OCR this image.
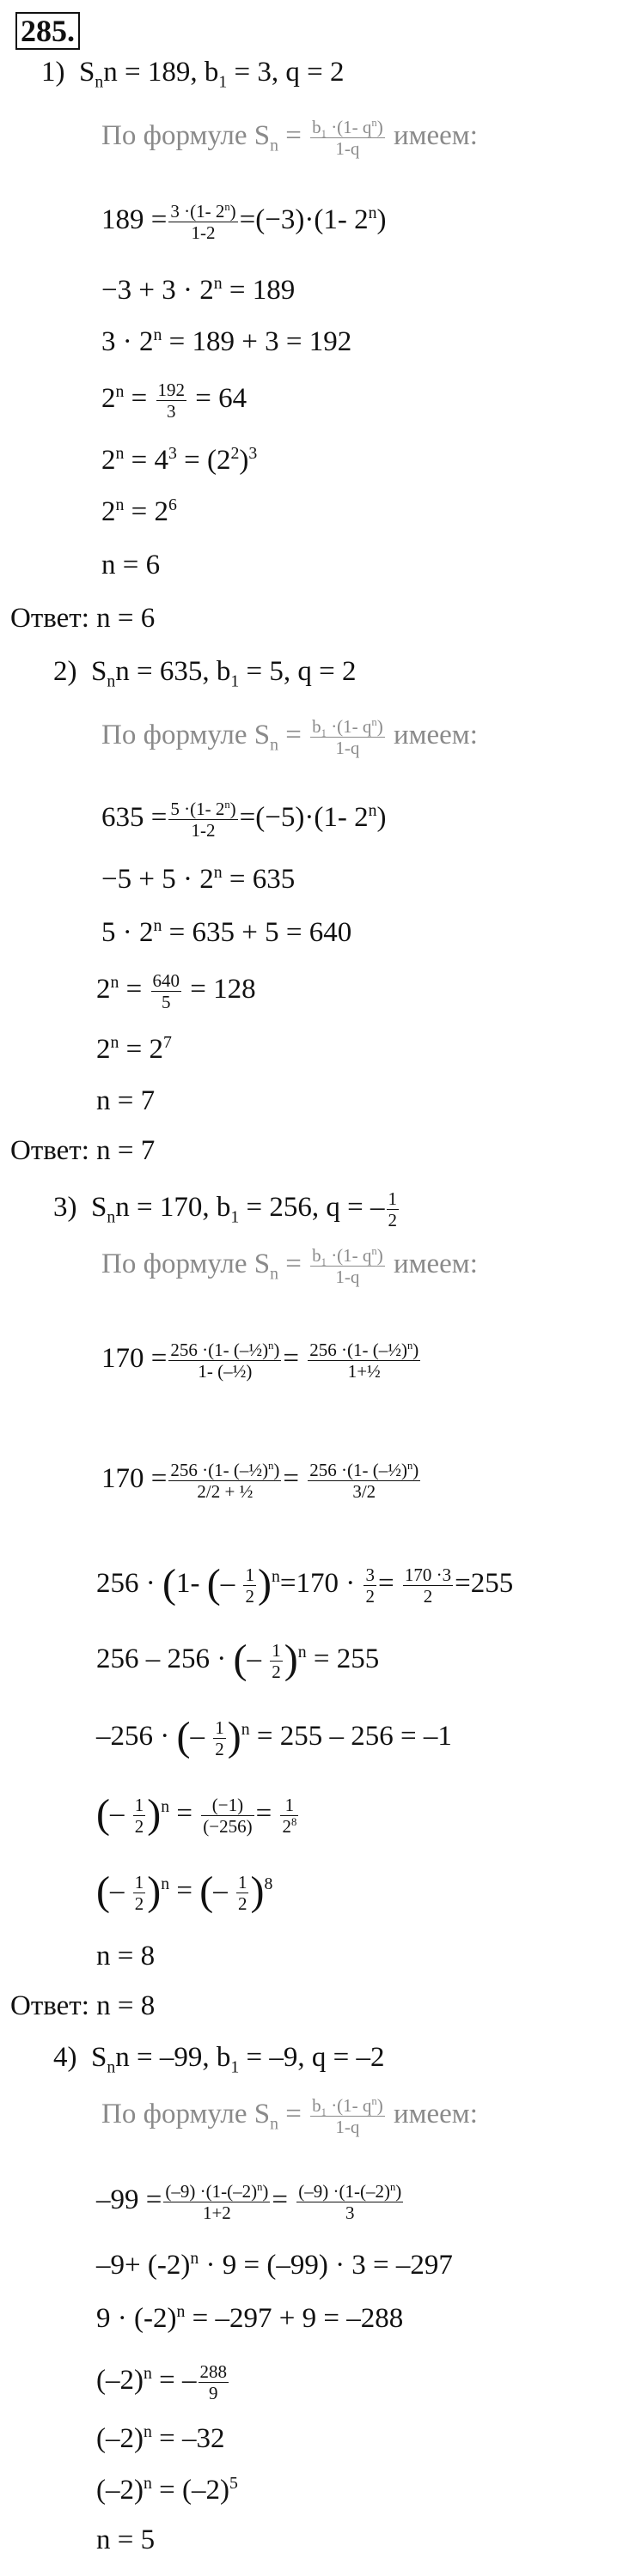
285.
1)  $S_nn = 189$, $b_1 = 3$, q = 2
По формуле $S_n = \frac{b_1 \cdot(1- q^n)}{1-q}$ имеем:
$189 = \frac{3 \cdot(1- 2^n)}{1-2} =(-3)\cdot(1-$ $2^n$)
$-3 + 3 \cdot 2^n = 189$
$3 \cdot 2^n = 189 + 3 = 192$
$2^n = \frac{192}{3} = 64$
$2^n = 4^3 = (2^2)^3$
$2^n = 2^6$
n = 6
Ответ: n = 6
2)  $S_nn = 635$, $b_1 = 5$, q = 2
По формуле $S_n = \frac{b_1 \cdot(1- q^n)}{1-q}$ имеем:
$635 = \frac{5 \cdot(1- 2^n)}{1-2} =(-5)\cdot(1-$ $2^n$)
$-5 + 5 \cdot 2^n = 635$
$5 \cdot 2^n = 635 + 5 = 640$
$2^n = \frac{640}{5} = 128$
$2^n = 2^7$
n = 7
Ответ: n = 7
3)  $S_nn = 170$, $b_1 = 256$, q = – $\frac{1}{2}$
По формуле $S_n = \frac{b_1 \cdot(1- q^n)}{1-q}$ имеем:
$170 = \frac{256 \cdot(1- (-\frac{1}{2})^n)}{\text{1- (–½)}} = \frac{256 \cdot(1- (-\frac{1}{2})^n)}{\text{1+½}}$
$170 = \frac{256 \cdot(1- (-\frac{1}{2})^n)}{\text{2/2 + ½}} = \frac{256 \cdot(1- (-\frac{1}{2})^n)}{3/2}$
256 · (1- (– $\frac{1}{2} )^n=170 \cdot \frac{3}{2} = \frac{170 \cdot 3}{2} =255$
256 – 256 · (– $\frac{1}{2} )^n = 255$
–256 · (– $\frac{1}{2} )^n = 255 - 256 = -1$
(– $\frac{1}{2} )^n = \frac{(-1)}{(-256)} = \frac{1}{2^8}$
(– $\frac{1}{2} )^n$ = (– $\frac{1}{2} )^8$
n = 8
Ответ: n = 8
4)  $S_nn = -99$, $b_1 = -9$, q = –2
По формуле $S_n = \frac{b_1 \cdot(1- q^n)}{1-q}$ имеем:
$-99 = \frac{(-9) \cdot(1-(-2)^n)}{1+2} = \frac{(-9) \cdot(1-(-2)^n)}{3}$
$-9+ (-2)^n \cdot 9 = (-99) \cdot 3 = -297$
$9 \cdot (-2)^n = -297 + 9 = -288$
$(-2)^n$ = – $\frac{288}{9}$
$(-2)^n = -32$
$(-2)^n = (-2)^5$
n = 5
